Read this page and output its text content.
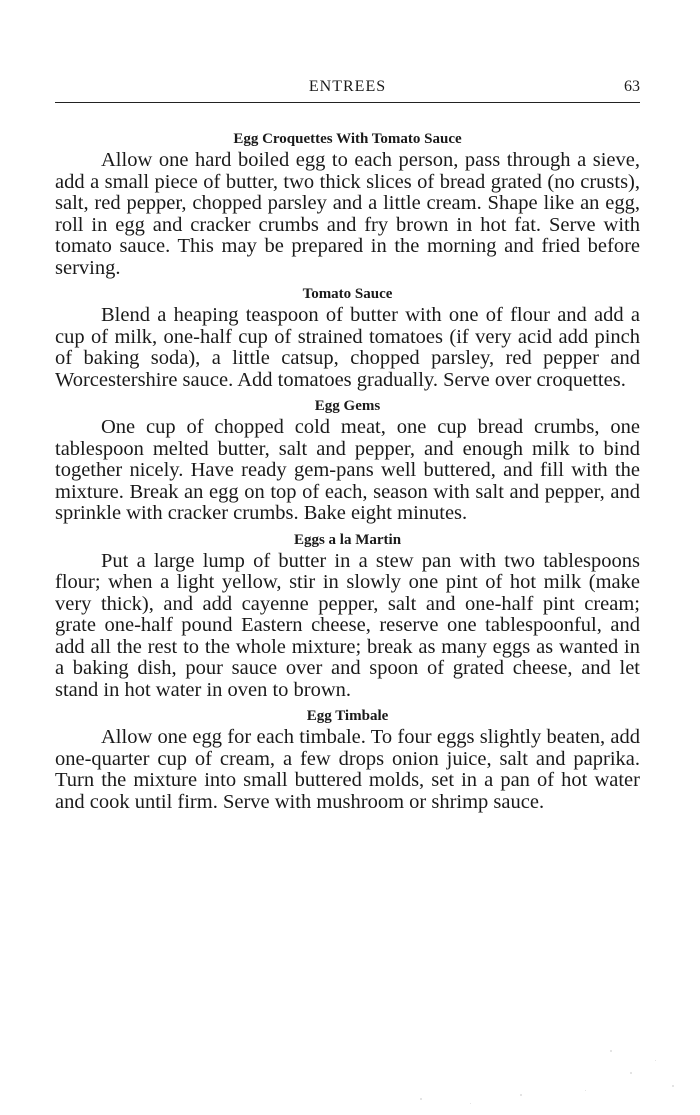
ENTREES	63
Egg Croquettes With Tomato Sauce

Allow one hard boiled egg to each person, pass through a sieve, add a small piece of butter, two thick slices of bread grated (no crusts), salt, red pepper, chopped parsley and a little cream. Shape like an egg, roll in egg and cracker crumbs and fry brown in hot fat. Serve with tomato sauce. This may be prepared in the morning and fried before serving.

Tomato Sauce

Blend a heaping teaspoon of butter with one of flour and add a cup of milk, one-half cup of strained tomatoes (if very acid add pinch of baking soda), a little catsup, chopped parsley, red pepper and Worcestershire sauce. Add tomatoes gradually. Serve over croquettes.

Egg Gems

One cup of chopped cold meat, one cup bread crumbs, one tablespoon melted butter, salt and pepper, and enough milk to bind together nicely. Have ready gem-pans well buttered, and fill with the mixture. Break an egg on top of each, season with salt and pepper, and sprinkle with cracker crumbs. Bake eight minutes.

Eggs a la Martin

Put a large lump of butter in a stew pan with two tablespoons flour; when a light yellow, stir in slowly one pint of hot milk (make very thick), and add cayenne pepper, salt and one-half pint cream; grate one-half pound Eastern cheese, reserve one tablespoonful, and add all the rest to the whole mixture; break as many eggs as wanted in a baking dish, pour sauce over and spoon of grated cheese, and let stand in hot water in oven to brown.

Egg Timbale

Allow one egg for each timbale. To four eggs slightly beaten, add one-quarter cup of cream, a few drops onion juice, salt and paprika. Turn the mixture into small buttered molds, set in a pan of hot water and cook until firm. Serve with mushroom or shrimp sauce.
